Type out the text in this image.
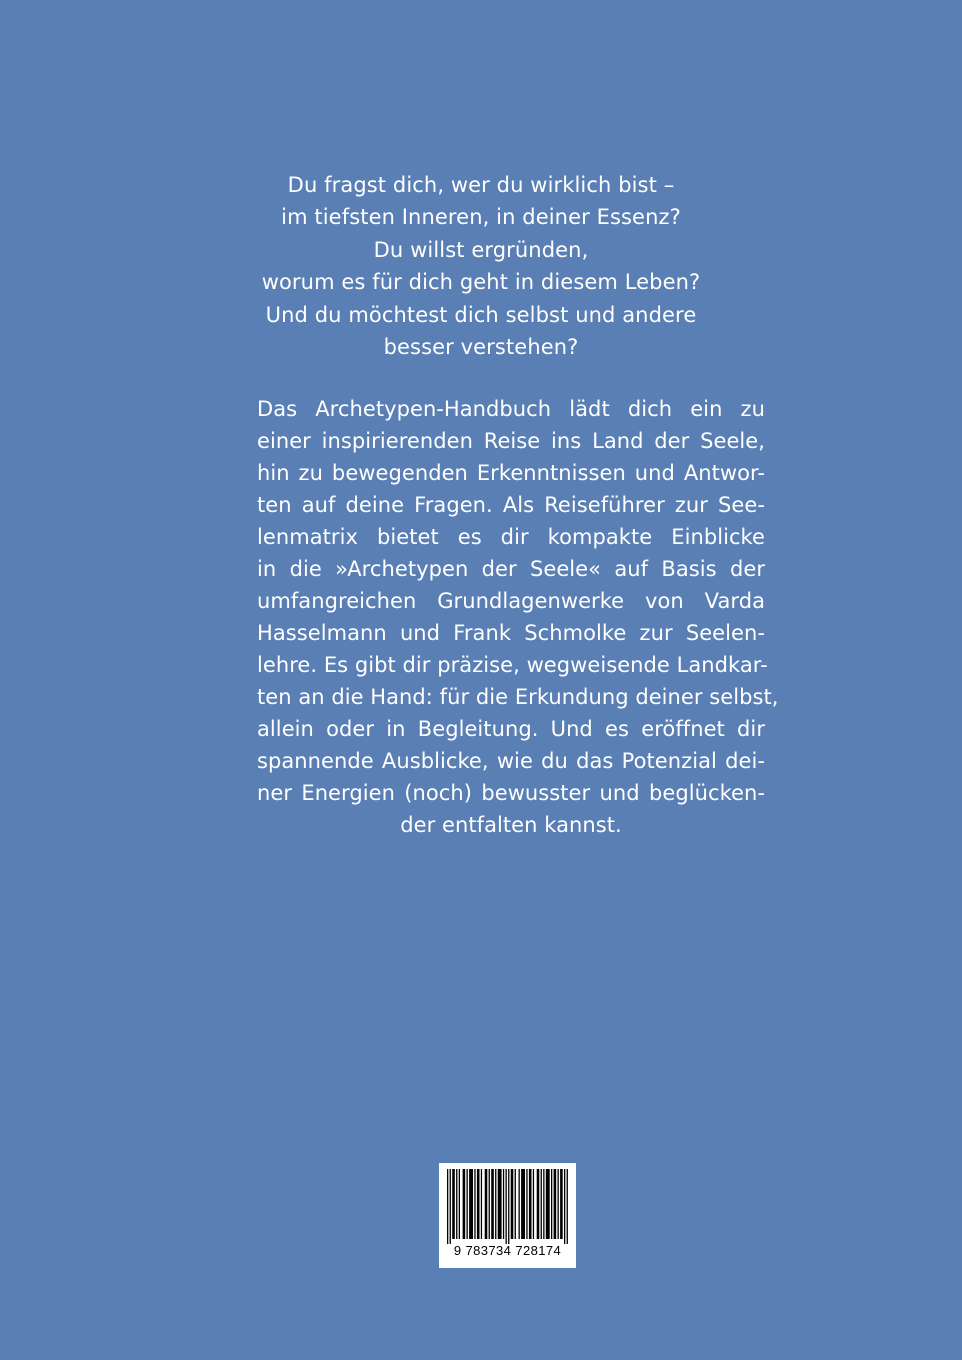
Du fragst dich, wer du wirklich bist –
im tiefsten Inneren, in deiner Essenz?
Du willst ergründen,
worum es für dich geht in diesem Leben?
Und du möchtest dich selbst und andere
besser verstehen?
Das Archetypen-Handbuch lädt dich ein zu
einer inspirierenden Reise ins Land der Seele,
hin zu bewegenden Erkenntnissen und Antwor-
ten auf deine Fragen. Als Reiseführer zur See-
lenmatrix bietet es dir kompakte Einblicke
in die »Archetypen der Seele« auf Basis der
umfangreichen Grundlagenwerke von Varda
Hasselmann und Frank Schmolke zur Seelen-
lehre. Es gibt dir präzise, wegweisende Landkar-
ten an die Hand: für die Erkundung deiner selbst,
allein oder in Begleitung. Und es eröffnet dir
spannende Ausblicke, wie du das Potenzial dei-
ner Energien (noch) bewusster und beglücken-
der entfalten kannst.
9 783734 728174
